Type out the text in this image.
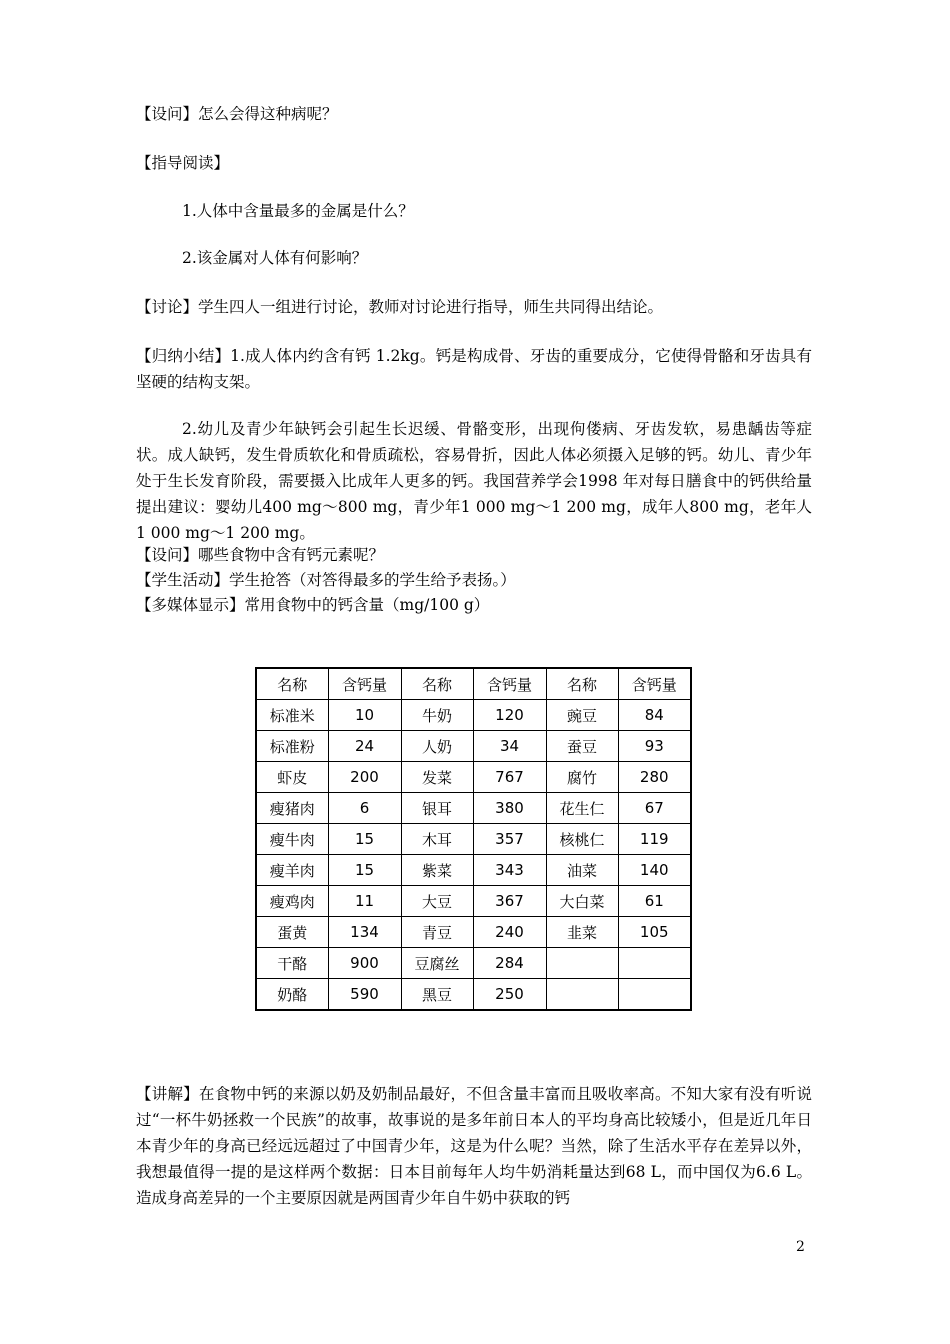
【设问】怎么会得这种病呢？
【指导阅读】
1.人体中含量最多的金属是什么？
2.该金属对人体有何影响？
【讨论】学生四人一组进行讨论，教师对讨论进行指导，师生共同得出结论。
【归纳小结】1.成人体内约含有钙 1.2kg。钙是构成骨、牙齿的重要成分，它使得骨骼和牙齿具有坚硬的结构支架。
2.幼儿及青少年缺钙会引起生长迟缓、骨骼变形，出现佝偻病、牙齿发软，易患龋齿等症状。成人缺钙，发生骨质软化和骨质疏松，容易骨折，因此人体必须摄入足够的钙。幼儿、青少年处于生长发育阶段，需要摄入比成年人更多的钙。我国营养学会1998 年对每日膳食中的钙供给量提出建议：婴幼儿400 mg～800 mg，青少年1 000 mg～1 200 mg，成年人800 mg，老年人1 000 mg～1 200 mg。
【设问】哪些食物中含有钙元素呢？
【学生活动】学生抢答（对答得最多的学生给予表扬。）
【多媒体显示】常用食物中的钙含量（mg/100 g）
名称	含钙量	名称	含钙量	名称	含钙量
标准米	10	牛奶	120	豌豆	84
标准粉	24	人奶	34	蚕豆	93
虾皮	200	发菜	767	腐竹	280
瘦猪肉	6	银耳	380	花生仁	67
瘦牛肉	15	木耳	357	核桃仁	119
瘦羊肉	15	紫菜	343	油菜	140
瘦鸡肉	11	大豆	367	大白菜	61
蛋黄	134	青豆	240	韭菜	105
干酪	900	豆腐丝	284		
奶酪	590	黑豆	250		
【讲解】在食物中钙的来源以奶及奶制品最好，不但含量丰富而且吸收率高。不知大家有没有听说过“一杯牛奶拯救一个民族”的故事，故事说的是多年前日本人的平均身高比较矮小，但是近几年日本青少年的身高已经远远超过了中国青少年，这是为什么呢？当然，除了生活水平存在差异以外，我想最值得一提的是这样两个数据：日本目前每年人均牛奶消耗量达到68 L，而中国仅为6.6 L。造成身高差异的一个主要原因就是两国青少年自牛奶中获取的钙
2
